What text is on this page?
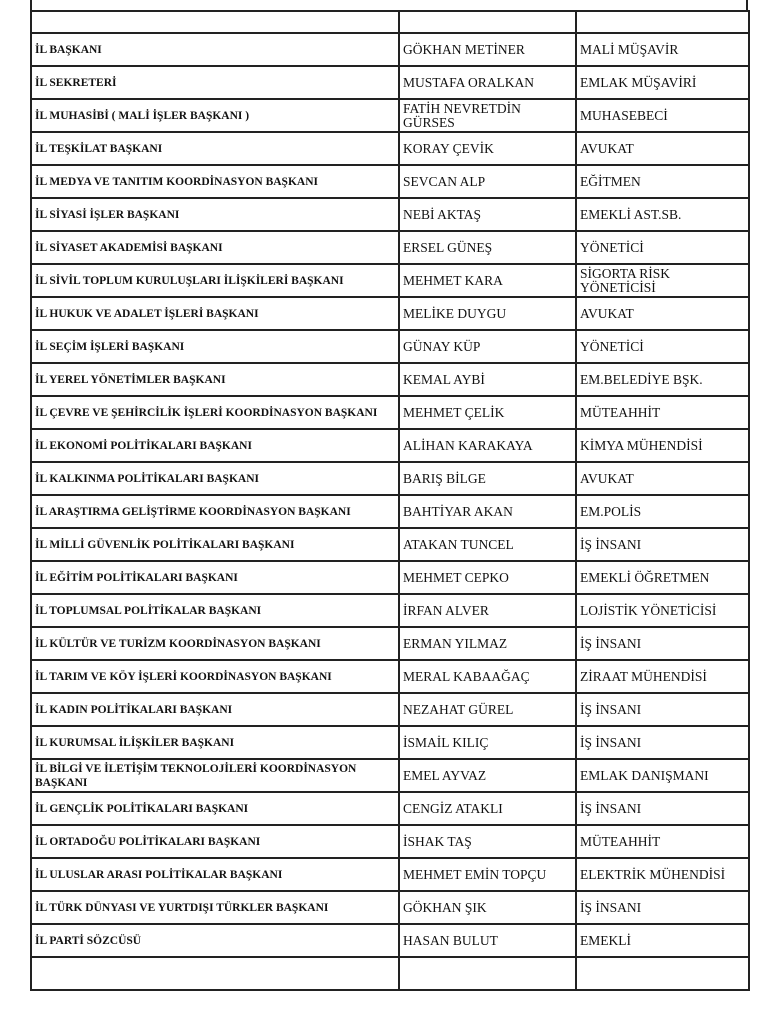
İL BAŞKANI	GÖKHAN METİNER	MALİ MÜŞAVİR
İL SEKRETERİ	MUSTAFA ORALKAN	EMLAK MÜŞAVİRİ
İL MUHASİBİ ( MALİ İŞLER BAŞKANI )	FATİH NEVRETDİN GÜRSES	MUHASEBECİ
İL TEŞKİLAT BAŞKANI	KORAY ÇEVİK	AVUKAT
İL MEDYA VE TANITIM KOORDİNASYON BAŞKANI	SEVCAN ALP	EĞİTMEN
İL SİYASİ İŞLER BAŞKANI	NEBİ AKTAŞ	EMEKLİ AST.SB.
İL SİYASET AKADEMİSİ BAŞKANI	ERSEL GÜNEŞ	YÖNETİCİ
İL SİVİL TOPLUM KURULUŞLARI İLİŞKİLERİ BAŞKANI	MEHMET KARA	SİGORTA RİSK YÖNETİCİSİ
İL HUKUK VE ADALET İŞLERİ BAŞKANI	MELİKE DUYGU	AVUKAT
İL SEÇİM İŞLERİ BAŞKANI	GÜNAY KÜP	YÖNETİCİ
İL YEREL YÖNETİMLER BAŞKANI	KEMAL AYBİ	EM.BELEDİYE BŞK.
İL ÇEVRE VE ŞEHİRCİLİK İŞLERİ KOORDİNASYON BAŞKANI	MEHMET ÇELİK	MÜTEAHHİT
İL EKONOMİ POLİTİKALARI BAŞKANI	ALİHAN KARAKAYA	KİMYA MÜHENDİSİ
İL KALKINMA POLİTİKALARI BAŞKANI	BARIŞ BİLGE	AVUKAT
İL ARAŞTIRMA GELİŞTİRME KOORDİNASYON BAŞKANI	BAHTİYAR AKAN	EM.POLİS
İL MİLLİ GÜVENLİK POLİTİKALARI BAŞKANI	ATAKAN TUNCEL	İŞ İNSANI
İL EĞİTİM POLİTİKALARI BAŞKANI	MEHMET CEPKO	EMEKLİ ÖĞRETMEN
İL TOPLUMSAL POLİTİKALAR BAŞKANI	İRFAN ALVER	LOJİSTİK YÖNETİCİSİ
İL KÜLTÜR VE TURİZM KOORDİNASYON BAŞKANI	ERMAN YILMAZ	İŞ İNSANI
İL TARIM VE KÖY İŞLERİ KOORDİNASYON BAŞKANI	MERAL KABAAĞAÇ	ZİRAAT MÜHENDİSİ
İL KADIN POLİTİKALARI BAŞKANI	NEZAHAT GÜREL	İŞ İNSANI
İL KURUMSAL İLİŞKİLER BAŞKANI	İSMAİL KILIÇ	İŞ İNSANI
İL BİLGİ VE İLETİŞİM TEKNOLOJİLERİ KOORDİNASYON BAŞKANI	EMEL AYVAZ	EMLAK DANIŞMANI
İL GENÇLİK POLİTİKALARI BAŞKANI	CENGİZ ATAKLI	İŞ İNSANI
İL ORTADOĞU POLİTİKALARI BAŞKANI	İSHAK TAŞ	MÜTEAHHİT
İL ULUSLAR ARASI POLİTİKALAR BAŞKANI	MEHMET EMİN TOPÇU	ELEKTRİK MÜHENDİSİ
İL TÜRK DÜNYASI VE YURTDIŞI TÜRKLER BAŞKANI	GÖKHAN ŞIK	İŞ İNSANI
İL PARTİ SÖZCÜSÜ	HASAN BULUT	EMEKLİ
